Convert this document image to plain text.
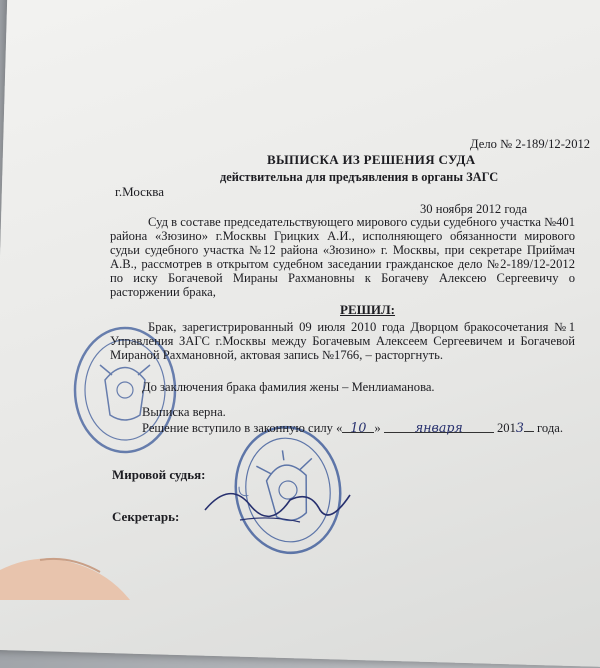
Дело № 2-189/12-2012
ВЫПИСКА ИЗ РЕШЕНИЯ СУДА
действительна для предъявления в органы ЗАГС
г.Москва
30 ноября 2012 года
Суд в составе председательствующего мирового судьи судебного участка №401 района «Зюзино» г.Москвы Грицких А.И., исполняющего обязанности мирового судьи судебного участка №12 района «Зюзино» г. Москвы, при секретаре Приймач А.В., рассмотрев в открытом судебном заседании гражданское дело №2-189/12-2012 по иску Богачевой Мираны Рахмановны к Богачеву Алексею Сергеевичу о расторжении брака,
РЕШИЛ:
Брак, зарегистрированный 09 июля 2010 года Дворцом бракосочетания №1 Управления ЗАГС г.Москвы между Богачевым Алексеем Сергеевичем и Богачевой Мираной Рахмановной, актовая запись №1766, – расторгнуть.
До заключения брака фамилия жены – Менлиаманова.
Выписка верна.
Решение вступило в законную силу « 10 »	января	2013 года.
Мировой судья:
Секретарь:
